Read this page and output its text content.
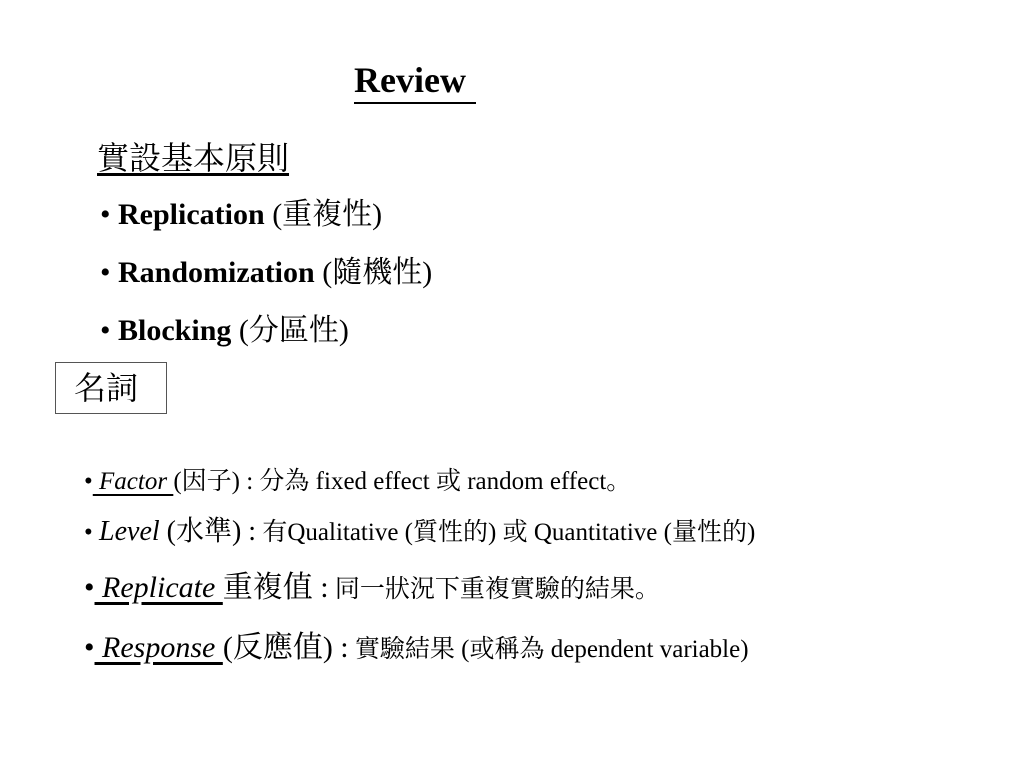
Review
實設基本原則
• Replication (重複性)
• Randomization (隨機性)
• Blocking (分區性)
名詞
• Factor (因子) : 分為 fixed effect 或 random effect。
• Level (水準) : 有Qualitative (質性的) 或 Quantitative (量性的)
• Replicate 重複值 : 同一狀況下重複實驗的結果。
• Response (反應值) : 實驗結果 (或稱為 dependent variable)
